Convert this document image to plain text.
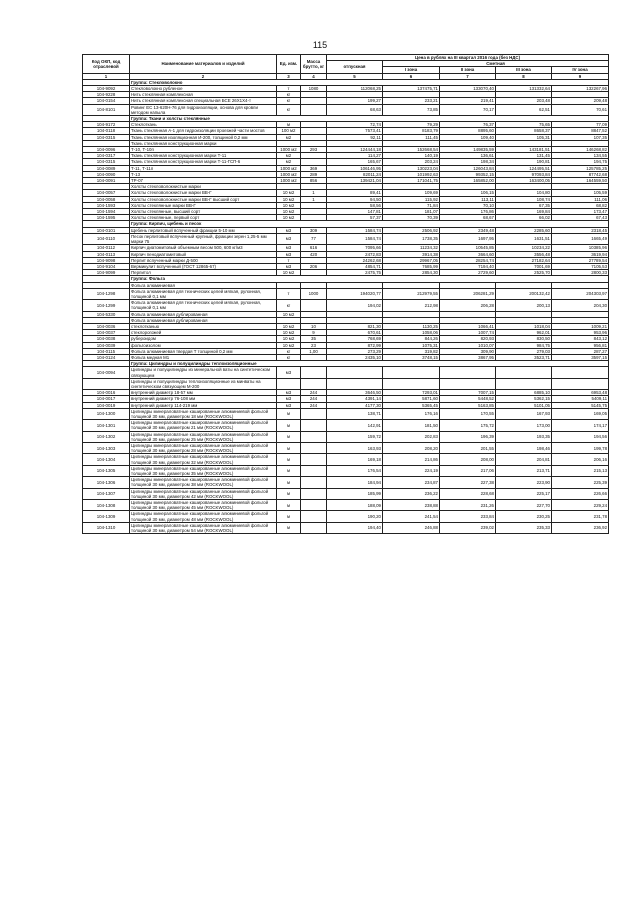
115
Код ОКП, код отраслевой	Наименование материалов и изделий	Ед. изм.	Масса брутто, кг	Цена в рублях на III квартал 2016 года (без НДС)				
				отпускная	Сметная			
					I зона	II зона	III зона	IV зона
1	2	3	4	5	6	7	8	9
	Группа: Стекловолокно							
104-9092	Стекловолокно рубленое	т	1080	112068,25	137475,71	133070,40	131332,64	132267,96
104-9228	Нить стеклянная комплексная	кг						
104-0154	Нить стеклянная комплексная специальная БСЕ 26Х1Х4-т	кг		199,27	233,21	219,41	203,48	209,48
104-8101	Ровинг ЕС 13-620H-76 для гидроизоляции, основа для кровли методом напыла	кг		68,63	73,85	70,17	62,51	70,61
	Группа: Ткани и холсты стеклянные							
104-9172	Стеклоткань	м		72,74	79,29	76,37	75,65	77,09
104-0118	Ткань стеклянная А-1 для гидроизоляции проезжей части мостов	100 м2		7573,41	8183,79	8895,60	8658,37	8847,52
104-0315	Ткань стеклянная изоляционная И-200, толщиной 0,2 мм	м2		92,11	111,45	109,40	105,31	107,35
	Ткань стеклянная конструкционная марки							
104-0096	Т-10, Т-10п	1000 м2	293	124444,18	152668,54	149835,59	143181,51	146268,82
104-0317	Ткань стеклянная конструкционная марки Т-11	м2		114,27	140,19	136,61	131,45	134,55
104-0315	Ткань стеклянная конструкционная марки Т-11-ГСП-6	м2		165,67	203,24	198,34	190,81	194,75
104-0089	Т-11, Т-11п	1000 м2	369	106146,95	130223,04	126043,84	124495,51	125785,25
104-0090	Т-13	1000 м2	289	82011,24	101992,63	99352,15	97093,84	87742,68
104-0091	ТР-07	1000 м2	856	139421,04	171041,75	165852,00	163400,05	164559,50
	Холсты стекловолокнистые марки							
104-0057	Холсты стекловолокнистые марки ВВ-Г	10 м2	1	89,41	109,69	106,15	104,80	105,59
104-0058	Холсты стекловолокнистые марки ВВ-Г высший сорт	10 м2	1	94,50	115,92	113,11	108,74	111,06
104-1593	Холсты стеклянные марки ВВ-Г	10 м2		58,56	71,84	70,10	67,35	68,82
104-1594	Холсты стеклянные, высший сорт	10 м2		147,81	181,07	176,86	169,84	173,47
104-1595	Холсты стеклянные, первый сорт	10 м2		57,37	70,39	68,67	66,02	67,43
	Группа: Кирпич, щебень и песок							
104-0101	Щебень перлитовый вспученный фракции 5-10 мм	м3	309	1584,74	2506,92	2349,48	2285,60	2318,45
104-0110	Песок перлитовый вспученный крупный, фракции зерен 1,25-5 мм марки 75	м3	77	1584,74	1738,35	1697,95	1631,51	1665,49
104-0112	Кирпич диатомитовый объемным весом 500, 600 кг/м3	м3	616	7095,66	11234,32	10545,85	10234,22	10385,96
104-0113	Кирпич пенодиатомитовый	м3	420	2472,83	3914,38	3664,60	3556,48	3619,94
104-9098	Перлит вспученный марки Д-500	т		24262,68	29967,05	28254,74	27182,64	27789,54
104-9104	Вермикулит вспученный (ГОСТ 12865-67)	м3	206	4854,71	7685,99	7194,40	7001,69	7105,53
104-9099	Перлитол	10 м2		2475,75	2854,30	2729,60	2525,70	2800,33
	Группа: Фольга							
	Фольга алюминиевая							
104-1298	Фольга алюминиевая для технических целей мягкая, рулонная, толщиной 0,1 мм	т	1000	194020,77	212979,55	206281,29	200132,42	204303,97
104-1299	Фольга алюминиевая для технических целей мягкая, рулонная, толщиной 0,1 мм	кг		194,02	212,98	206,28	200,13	204,30
104-5330	Фольга алюминиевая дублированная	10 м2						
	Фольга алюминиевая дублированная							
104-0036	стеклотканью	10 м2	10	821,30	1130,25	1066,41	1018,04	1009,21
104-0037	стеклорогожей	10 м2	9	670,61	1058,06	1007,74	962,01	953,96
104-0038	рубероидом	10 м2	35	768,69	844,26	820,93	830,50	843,12
104-0039	фольгоизолом	10 м2	23	872,99	1075,31	1010,07	984,75	956,81
104-0115	Фольга алюминиевая твердая Т толщиной 0,2 мм	кг	1,00	273,29	319,82	309,90	279,03	287,27
104-0124	Фольга медная М1	кг		2435,10	3748,15	3867,95	3523,71	3597,15
	Группа: Цилиндры и полуцилиндры теплоизоляционные							
104-0094	Цилиндры и полуцилиндры из минеральной ваты на синтетическом связующем	м3						
	Цилиндры и полуцилиндры теплоизоляционные из минваты на синтетическом связующем М-200							
104-0016	внутренний диаметр 18-57 мм	м3	244	3646,50	7293,01	7007,15	6885,10	6953,48
104-0017	внутренний диаметр 76-108 мм	м3	244	4391,14	5871,60	5448,52	5362,15	5409,11
104-0019	внутренний диаметр 114-219 мм	м3	244	4177,30	5365,45	5163,85	5101,05	5145,75
104-1300	Цилиндры минераловатные кашированные алюминиевой фольгой толщиной 30 мм, диаметром 18 мм (ROCKWOOL)	м		138,71	176,16	170,55	167,93	169,05
104-1301	Цилиндры минераловатные кашированные алюминиевой фольгой толщиной 30 мм, диаметром 21 мм (ROCKWOOL)	м		142,91	181,50	175,72	173,00	174,17
104-1302	Цилиндры минераловатные кашированные алюминиевой фольгой толщиной 30 мм, диаметром 25 мм (ROCKWOOL)	м		159,72	202,83	196,39	193,35	194,56
104-1303	Цилиндры минераловатные кашированные алюминиевой фольгой толщиной 30 мм, диаметром 28 мм (ROCKWOOL)	м		163,93	208,20	201,55	198,46	199,78
104-1304	Цилиндры минераловатные кашированные алюминиевой фольгой толщиной 30 мм, диаметром 32 мм (ROCKWOOL)	м		169,18	214,86	208,00	204,81	206,16
104-1305	Цилиндры минераловатные кашированные алюминиевой фольгой толщиной 30 мм, диаметром 35 мм (ROCKWOOL)	м		176,54	224,19	217,06	213,71	215,13
104-1306	Цилиндры минераловатные кашированные алюминиевой фольгой толщиной 30 мм, диаметром 38 мм (ROCKWOOL)	м		184,94	234,87	227,38	223,90	225,39
104-1307	Цилиндры минераловатные кашированные алюминиевой фольгой толщиной 30 мм, диаметром 42 мм (ROCKWOOL)	м		185,99	236,22	228,68	225,17	226,66
104-1308	Цилиндры минераловатные кашированные алюминиевой фольгой толщиной 30 мм, диаметром 45 мм (ROCKWOOL)	м		188,09	238,88	231,26	227,70	229,24
104-1309	Цилиндры минераловатные кашированные алюминиевой фольгой толщиной 30 мм, диаметром 48 мм (ROCKWOOL)	м		190,20	241,54	233,84	230,25	231,78
104-1310	Цилиндры минераловатные кашированные алюминиевой фольгой толщиной 30 мм, диаметром 54 мм (ROCKWOOL)	м		194,40	246,88	239,02	235,33	236,92
